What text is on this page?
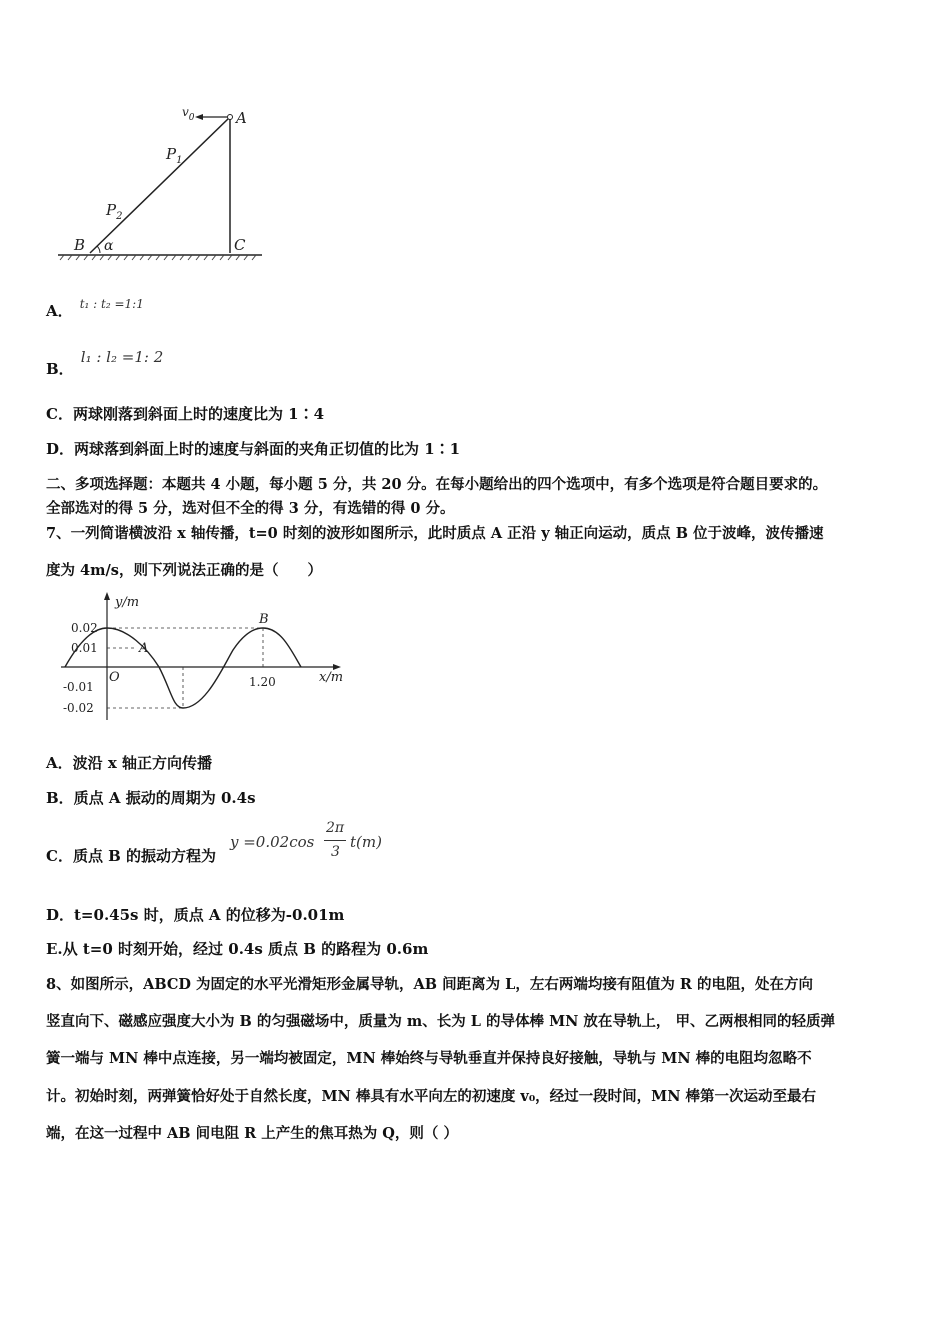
$v_0$	A
$P_1$
$P_2$
B α	C
A． t₁ : t₂ =1:1
B． l₁ : l₂ =1: 2
C．两球刚落到斜面上时的速度比为 1∶4
D．两球落到斜面上时的速度与斜面的夹角正切值的比为 1∶1
二、多项选择题：本题共 4 小题，每小题 5 分，共 20 分。在每小题给出的四个选项中，有多个选项是符合题目要求的。
全部选对的得 5 分，选对但不全的得 3 分，有选错的得 0 分。
7、一列简谐横波沿 x 轴传播，t=0 时刻的波形如图所示，此时质点 A 正沿 y 轴正向运动，质点 B 位于波峰，波传播速
度为 4m/s，则下列说法正确的是（　　）
y/m
x/m
A
B
0.02
0.01
-0.01
-0.02
O	1.20
A．波沿 x 轴正方向传播
B．质点 A 振动的周期为 0.4s
C．质点 B 的振动方程为
y =0.02cos
2π
3
t(m)
D．t=0.45s 时，质点 A 的位移为-0.01m
E.从 t=0 时刻开始，经过 0.4s 质点 B 的路程为 0.6m
8、如图所示，ABCD 为固定的水平光滑矩形金属导轨，AB 间距离为 L，左右两端均接有阻值为 R 的电阻，处在方向
竖直向下、磁感应强度大小为 B 的匀强磁场中，质量为 m、长为 L 的导体棒 MN 放在导轨上， 甲、乙两根相同的轻质弹
簧一端与 MN 棒中点连接，另一端均被固定，MN 棒始终与导轨垂直并保持良好接触，导轨与 MN 棒的电阻均忽略不
计。初始时刻，两弹簧恰好处于自然长度，MN 棒具有水平向左的初速度 v₀，经过一段时间，MN 棒第一次运动至最右
端，在这一过程中 AB 间电阻 R 上产生的焦耳热为 Q，则（ ）
